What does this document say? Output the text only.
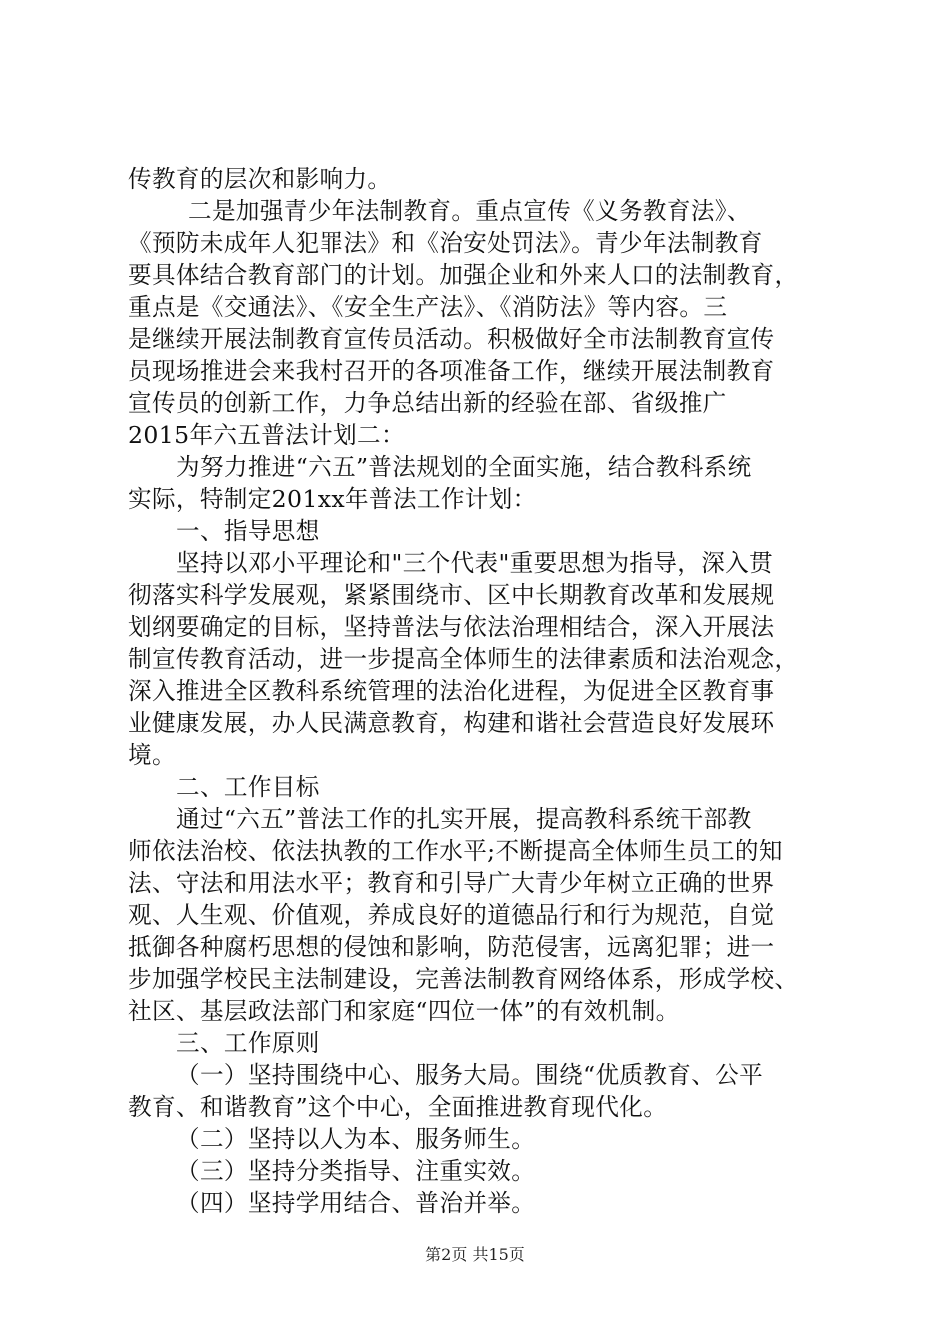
传教育的层次和影响力。
二是加强青少年法制教育。重点宣传《义务教育法》、
《预防未成年人犯罪法》和《治安处罚法》。青少年法制教育
要具体结合教育部门的计划。加强企业和外来人口的法制教育，
重点是《交通法》、《安全生产法》、《消防法》等内容。三
是继续开展法制教育宣传员活动。积极做好全市法制教育宣传
员现场推进会来我村召开的各项准备工作，继续开展法制教育
宣传员的创新工作，力争总结出新的经验在部、省级推广
2015年六五普法计划二：
为努力推进“六五”普法规划的全面实施，结合教科系统
实际，特制定201xx年普法工作计划：
一、指导思想
坚持以邓小平理论和"三个代表"重要思想为指导，深入贯
彻落实科学发展观，紧紧围绕市、区中长期教育改革和发展规
划纲要确定的目标，坚持普法与依法治理相结合，深入开展法
制宣传教育活动，进一步提高全体师生的法律素质和法治观念，
深入推进全区教科系统管理的法治化进程，为促进全区教育事
业健康发展，办人民满意教育，构建和谐社会营造良好发展环
境。
二、工作目标
通过“六五”普法工作的扎实开展，提高教科系统干部教
师依法治校、依法执教的工作水平;不断提高全体师生员工的知
法、守法和用法水平；教育和引导广大青少年树立正确的世界
观、人生观、价值观，养成良好的道德品行和行为规范，自觉
抵御各种腐朽思想的侵蚀和影响，防范侵害，远离犯罪；进一
步加强学校民主法制建设，完善法制教育网络体系，形成学校、
社区、基层政法部门和家庭“四位一体”的有效机制。
三、工作原则
（一）坚持围绕中心、服务大局。围绕“优质教育、公平
教育、和谐教育”这个中心，全面推进教育现代化。
（二）坚持以人为本、服务师生。
（三）坚持分类指导、注重实效。
（四）坚持学用结合、普治并举。
第2页 共15页
